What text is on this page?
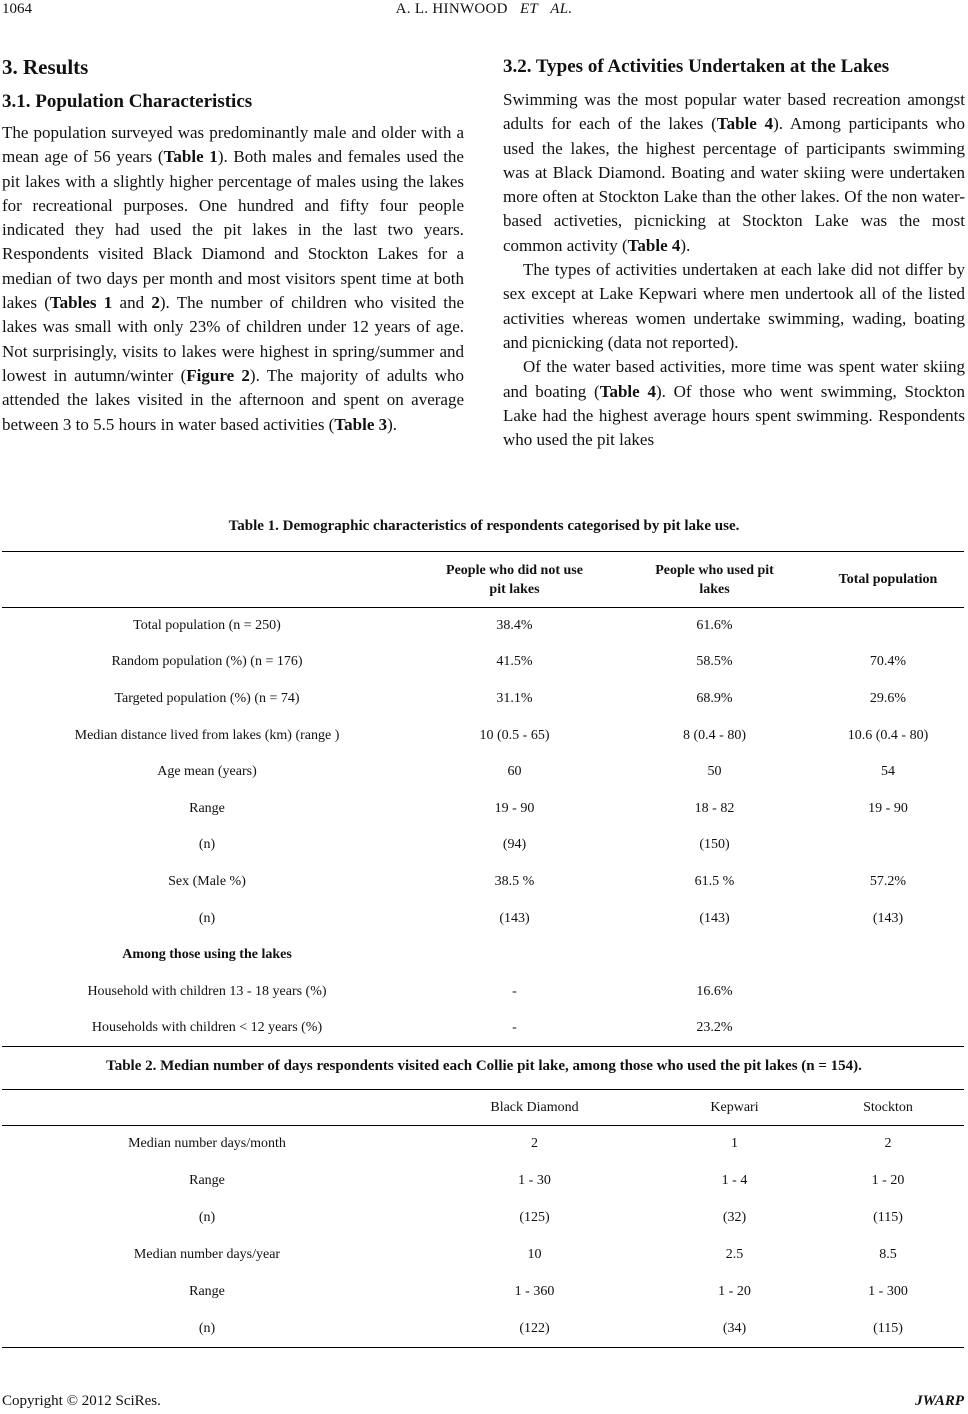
1064	A. L. HINWOOD ET AL.
3. Results
3.1. Population Characteristics

The population surveyed was predominantly male and older with a mean age of 56 years (Table 1). Both males and females used the pit lakes with a slightly higher percentage of males using the lakes for recreational purposes. One hundred and fifty four people indicated they had used the pit lakes in the last two years. Respondents visited Black Diamond and Stockton Lakes for a median of two days per month and most visitors spent time at both lakes (Tables 1 and 2). The number of children who visited the lakes was small with only 23% of children under 12 years of age. Not surprisingly, visits to lakes were highest in spring/summer and lowest in autumn/winter (Figure 2). The majority of adults who attended the lakes visited in the afternoon and spent on average between 3 to 5.5 hours in water based activities (Table 3).

3.2. Types of Activities Undertaken at the Lakes

Swimming was the most popular water based recreation amongst adults for each of the lakes (Table 4). Among participants who used the lakes, the highest percentage of participants swimming was at Black Diamond. Boating and water skiing were undertaken more often at Stockton Lake than the other lakes. Of the non water-based activeties, picnicking at Stockton Lake was the most common activity (Table 4).

The types of activities undertaken at each lake did not differ by sex except at Lake Kepwari where men undertook all of the listed activities whereas women undertake swimming, wading, boating and picnicking (data not reported).

Of the water based activities, more time was spent water skiing and boating (Table 4). Of those who went swimming, Stockton Lake had the highest average hours spent swimming. Respondents who used the pit lakes

Table 1. Demographic characteristics of respondents categorised by pit lake use.
	People who did not use pit lakes	People who used pit lakes	Total population
Total population (n = 250)	38.4%	61.6%	
Random population (%) (n = 176)	41.5%	58.5%	70.4%
Targeted population (%) (n = 74)	31.1%	68.9%	29.6%
Median distance lived from lakes (km) (range )	10 (0.5 - 65)	8 (0.4 - 80)	10.6 (0.4 - 80)
Age mean (years)	60	50	54
Range	19 - 90	18 - 82	19 - 90
(n)	(94)	(150)	
Sex (Male %)	38.5 %	61.5 %	57.2%
(n)	(143)	(143)	(143)
Among those using the lakes			
Household with children 13 - 18 years (%)	-	16.6%	
Households with children < 12 years (%)	-	23.2%	
Table 2. Median number of days respondents visited each Collie pit lake, among those who used the pit lakes (n = 154).
	Black Diamond	Kepwari	Stockton
Median number days/month	2	1	2
Range	1 - 30	1 - 4	1 - 20
(n)	(125)	(32)	(115)
Median number days/year	10	2.5	8.5
Range	1 - 360	1 - 20	1 - 300
(n)	(122)	(34)	(115)
Copyright © 2012 SciRes.	JWARP
